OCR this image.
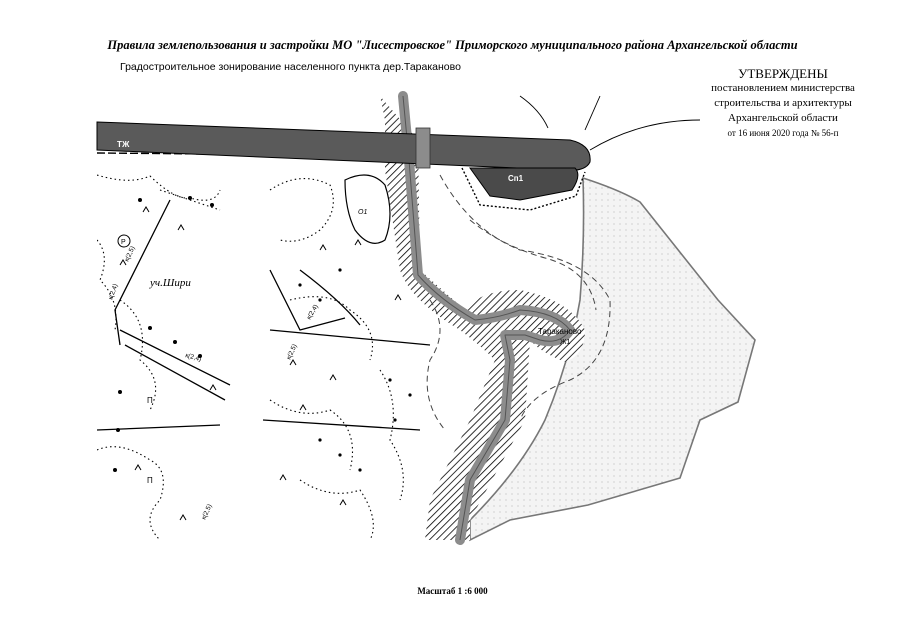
Правила землепользования и застройки МО "Лисестровское" Приморского муниципального района Архангельской области
Градостроительное зонирование населенного пункта дер.Тараканово	УТВЕРЖДЕНЫ
постановлением министерства
строительства и архитектуры
Архангельской области
от 16 июня 2020 года № 56-п
ТЖ
Сп1
Тараканово
Ж1
уч.Шири
П
П
Р
к(2,5)
к(2,4)
к(2,4)	к(2,5)
к(2,4)
к(2,5)
О1
Масштаб 1 :6 000
